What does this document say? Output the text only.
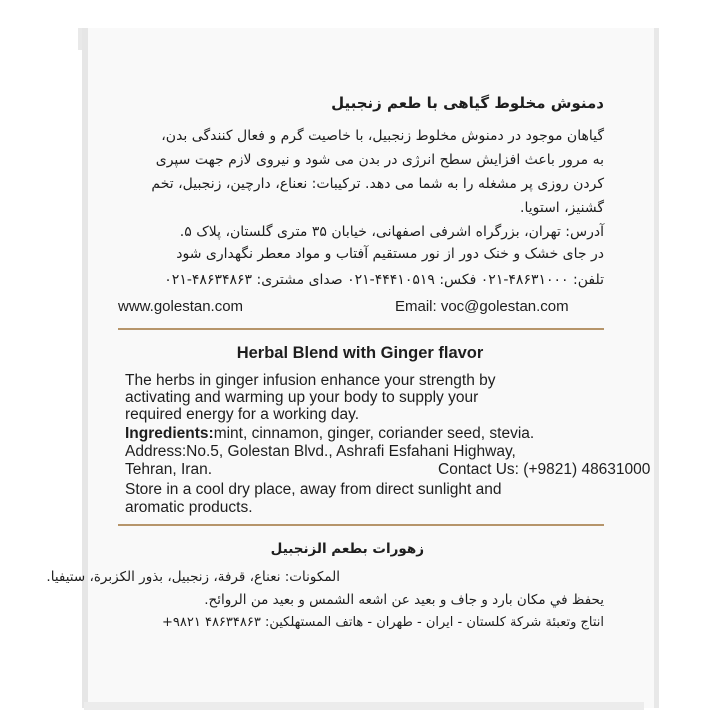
دمنوش مخلوط گیاهی با طعم زنجبیل
گیاهان موجود در دمنوش مخلوط زنجبیل، با خاصیت گرم و فعال کنندگی بدن،
به مرور باعث افزایش سطح انرژی در بدن می شود و نیروی لازم جهت سپری
کردن روزی پر مشغله را به شما می دهد. ترکیبات: نعناع، دارچین، زنجبیل، تخم
گشنیز، استویا.
آدرس: تهران، بزرگراه اشرفی اصفهانی، خیابان ۳۵ متری گلستان، پلاک ۵.
در جای خشک و خنک دور از نور مستقیم آفتاب و مواد معطر نگهداری شود
تلفن: ۴۸۶۳۱۰۰۰-۰۲۱ فکس: ۴۴۴۱۰۵۱۹-۰۲۱ صدای مشتری: ۴۸۶۳۴۸۶۳-۰۲۱
www.golestan.com	Email: voc@golestan.com
Herbal Blend with Ginger flavor
The herbs in ginger infusion enhance your strength by
activating and warming up your body to supply your
required energy for a working day.
Ingredients:mint, cinnamon, ginger, coriander seed, stevia.
Address:No.5, Golestan Blvd., Ashrafi Esfahani Highway,
Tehran, Iran.	Contact Us: (+9821) 48631000
Store in a cool dry place, away from direct sunlight and
aromatic products.
زهورات بطعم الزنجبيل
المكونات: نعناع، قرفة، زنجبيل، بذور الكزبرة، ستيفيا.
يحفظ في مكان بارد و جاف و بعيد عن اشعه الشمس و بعيد من الروائح.
انتاج وتعبئة شركة كلستان - ايران - طهران - هاتف المستهلكين: ۴۸۶۳۴۸۶۳ ۹۸۲۱+
